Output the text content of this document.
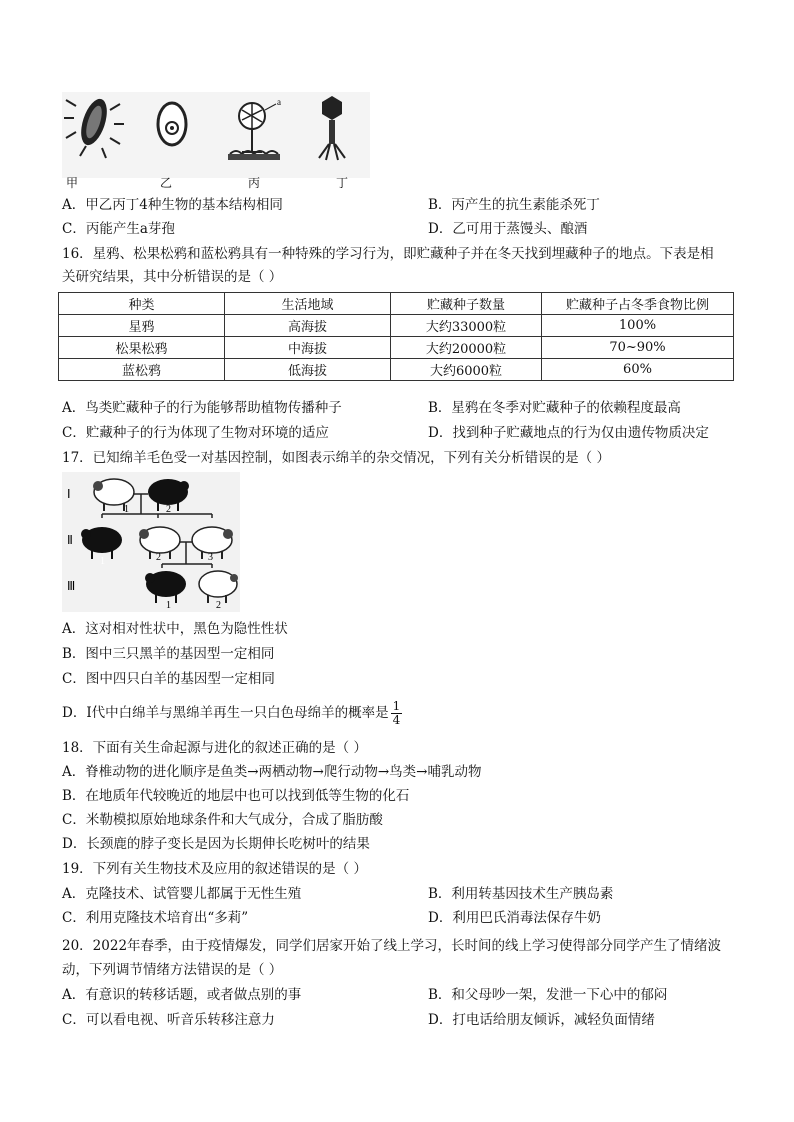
a
甲	乙	丙	丁
A．甲乙丙丁4种生物的基本结构相同	B．丙产生的抗生素能杀死丁
C．丙能产生a芽孢	D．乙可用于蒸馒头、酿酒
16．星鸦、松果松鸦和蓝松鸦具有一种特殊的学习行为，即贮藏种子并在冬天找到埋藏种子的地点。下表是相
关研究结果，其中分析错误的是（ ）
种类	生活地域	贮藏种子数量	贮藏种子占冬季食物比例
星鸦	高海拔	大约33000粒	100%
松果松鸦	中海拔	大约20000粒	70~90%
蓝松鸦	低海拔	大约6000粒	60%
A．鸟类贮藏种子的行为能够帮助植物传播种子	B．星鸦在冬季对贮藏种子的依赖程度最高
C．贮藏种子的行为体现了生物对环境的适应	D．找到种子贮藏地点的行为仅由遗传物质决定
17．已知绵羊毛色受一对基因控制，如图表示绵羊的杂交情况，下列有关分析错误的是（ ）
Ⅰ
Ⅱ
Ⅲ
1	2
1	2	3
1	2
A．这对相对性状中，黑色为隐性性状
B．图中三只黑羊的基因型一定相同
C．图中四只白羊的基因型一定相同
D．Ⅰ代中白绵羊与黑绵羊再生一只白色母绵羊的概率是 $\frac{1}{4}$
18．下面有关生命起源与进化的叙述正确的是（ ）
A．脊椎动物的进化顺序是鱼类→两栖动物→爬行动物→鸟类→哺乳动物
B．在地质年代较晚近的地层中也可以找到低等生物的化石
C．米勒模拟原始地球条件和大气成分，合成了脂肪酸
D．长颈鹿的脖子变长是因为长期伸长吃树叶的结果
19．下列有关生物技术及应用的叙述错误的是（ ）
A．克隆技术、试管婴儿都属于无性生殖	B．利用转基因技术生产胰岛素
C．利用克隆技术培育出“多莉”	D．利用巴氏消毒法保存牛奶
20．2022年春季，由于疫情爆发，同学们居家开始了线上学习，长时间的线上学习使得部分同学产生了情绪波
动，下列调节情绪方法错误的是（ ）
A．有意识的转移话题，或者做点别的事	B．和父母吵一架，发泄一下心中的郁闷
C．可以看电视、听音乐转移注意力	D．打电话给朋友倾诉，减轻负面情绪
